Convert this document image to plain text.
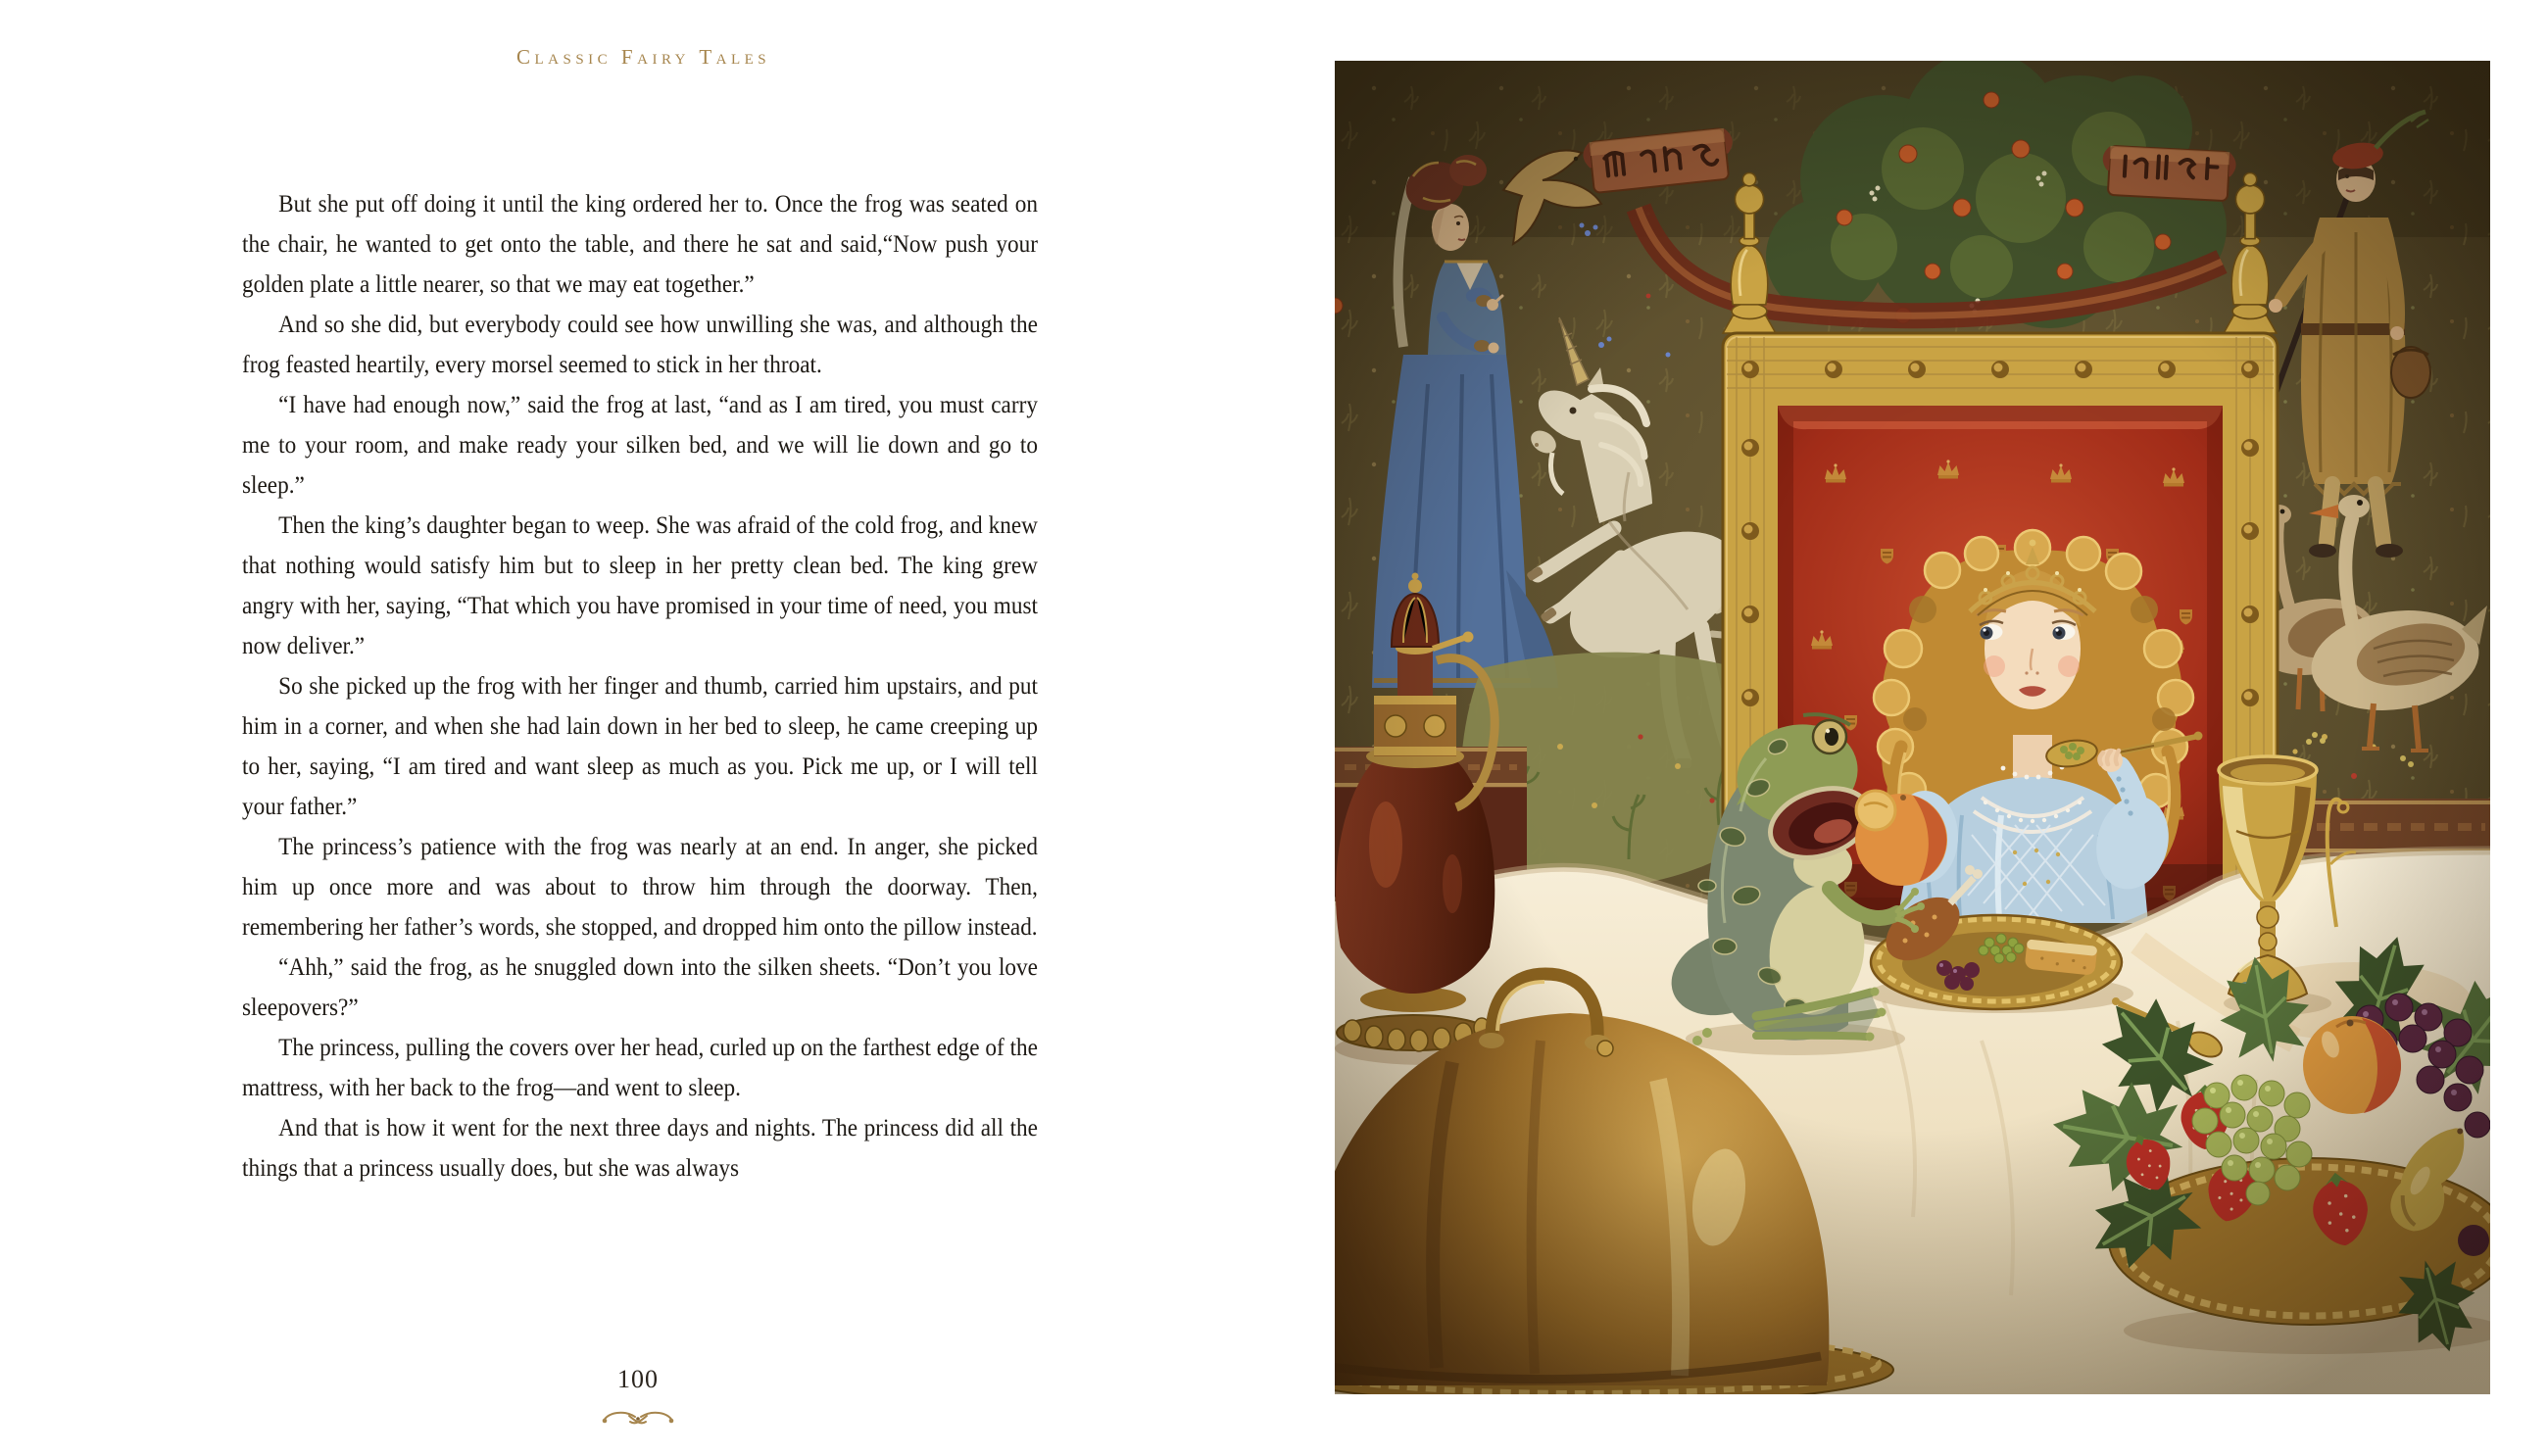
Classic Fairy Tales

But she put off doing it until the king ordered her to. Once the frog was seated on the chair, he wanted to get onto the table, and there he sat and said,“Now push your golden plate a little nearer, so that we may eat together.”

And so she did, but everybody could see how unwilling she was, and although the frog feasted heartily, every morsel seemed to stick in her throat.

“I have had enough now,” said the frog at last, “and as I am tired, you must carry me to your room, and make ready your silken bed, and we will lie down and go to sleep.”

Then the king’s daughter began to weep. She was afraid of the cold frog, and knew that nothing would satisfy him but to sleep in her pretty clean bed. The king grew angry with her, saying, “That which you have promised in your time of need, you must now deliver.”

So she picked up the frog with her finger and thumb, carried him upstairs, and put him in a corner, and when she had lain down in her bed to sleep, he came creeping up to her, saying, “I am tired and want sleep as much as you. Pick me up, or I will tell your father.”

The princess’s patience with the frog was nearly at an end. In anger, she picked him up once more and was about to throw him through the doorway. Then, remembering her father’s words, she stopped, and dropped him onto the pillow instead.

“Ahh,” said the frog, as he snuggled down into the silken sheets. “Don’t you love sleepovers?”

The princess, pulling the covers over her head, curled up on the farthest edge of the mattress, with her back to the frog—and went to sleep.

And that is how it went for the next three days and nights. The princess did all the things that a princess usually does, but she was always

100
